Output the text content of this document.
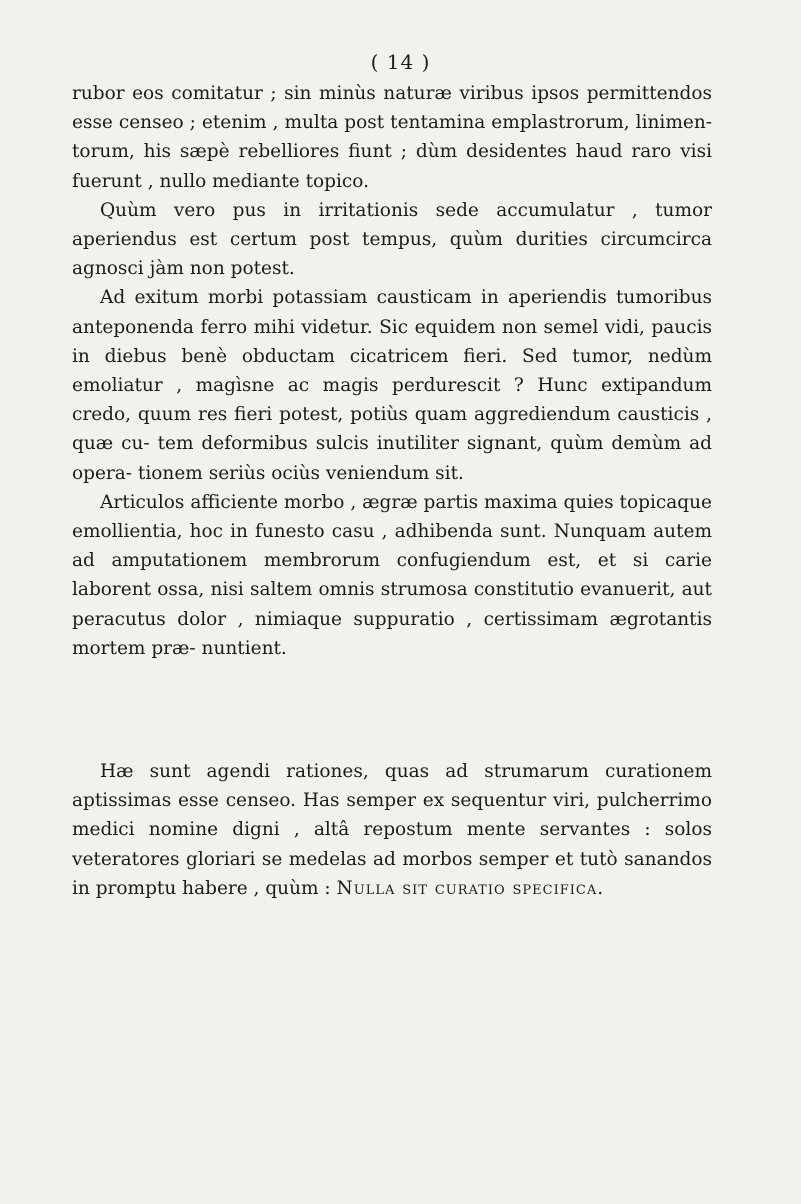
( 14 )

rubor eos comitatur ; sin minùs naturæ viribus ipsos permittendos esse censeo ; etenim , multa post tentamina emplastrorum, linimen- torum, his sæpè rebelliores fiunt ; dùm desidentes haud raro visi fuerunt , nullo mediante topico.

Quùm vero pus in irritationis sede accumulatur , tumor aperiendus est certum post tempus, quùm durities circumcirca agnosci jàm non potest.

Ad exitum morbi potassiam causticam in aperiendis tumoribus anteponenda ferro mihi videtur. Sic equidem non semel vidi, paucis in diebus benè obductam cicatricem fieri. Sed tumor, nedùm emoliatur , magìsne ac magis perdurescit ? Hunc extipandum credo, quum res fieri potest, potiùs quam aggrediendum causticis , quæ cu- tem deformibus sulcis inutiliter signant, quùm demùm ad opera- tionem seriùs ociùs veniendum sit.

Articulos afficiente morbo , ægræ partis maxima quies topicaque emollientia, hoc in funesto casu , adhibenda sunt. Nunquam autem ad amputationem membrorum confugiendum est, et si carie laborent ossa, nisi saltem omnis strumosa constitutio evanuerit, aut peracutus dolor , nimiaque suppuratio , certissimam ægrotantis mortem præ- nuntient.

Hæ sunt agendi rationes, quas ad strumarum curationem aptissimas esse censeo. Has semper ex sequentur viri, pulcherrimo medici nomine digni , altâ repostum mente servantes : solos veteratores gloriari se medelas ad morbos semper et tutò sanandos in promptu habere , quùm : Nulla sit curatio specifica.
